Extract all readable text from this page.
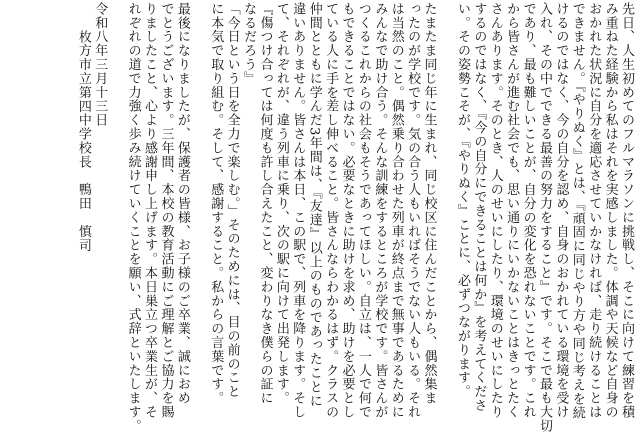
先日、人生初めてのフルマラソンに挑戦し、そこに向けて練習を積
み重ねた経験から私はそれを実感しました。体調や天候など自身の
おかれた状況に自分を適応させていかなければ、走り続けることは
できません。『やりぬく』とは、『頑固に同じやり方や同じ考えを続
けるのではなく、今の自分を認め、自身のおかれている環境を受け
入れ、その中でできる最善の努力をすること』です。そこで最も大切
であり、最も難しいことが、自分の変化を恐れないことです。これ
から皆さんが進む社会でも、思い通りにいかないことはきっとたく
さんあります。そのとき、人のせいにしたり、環境のせいにしたり
するのではなく、『今の自分にできることは何か』を考えてくださ
い。その姿勢こそが、『やりぬく』ことに、必ずつながります。

たまたま同じ年に生まれ、同じ校区に住んだことから、偶然集ま
ったのが学校です。気の合う人もいればそうでない人もいる。それ
は当然のこと。偶然乗り合わせた列車が終点まで無事であるために
みんなで助け合う。そんな訓練をするところが学校です。皆さんが
つくるこれからの社会もそうであってほしい。自立は、一人で何で
もできることではない。必要なときに助けを求め、助けを必要とし
ている人に手を差し伸べること。皆さんならわかるはず。クラスの
仲間とともに学んだ3年間は、『友達』以上のものであったことに
違いありません。皆さんは本日、この駅で、列車を降ります。そし
て、それぞれが、違う列車に乗り、次の駅に向けて出発します。
『傷つけ合っては何度も許し合えたこと、変わりなき僕らの証に
なるだろう』

「今日という日を全力で楽しむ。」そのためには、目の前のこと
に本気で取り組む。そして、感謝すること。私からの言葉です。

最後になりましたが、保護者の皆様、お子様のご卒業、誠におめ
でとうございます。三年間、本校の教育活動にご理解とご協力を賜
りましたこと、心より感謝申し上げます。本日巣立つ卒業生が、そ
れぞれの道で力強く歩み続けていくことを願い、式辞といたします。

令和八年三月十三日
　　枚方市立第四中学校長　鴨田　慎司
